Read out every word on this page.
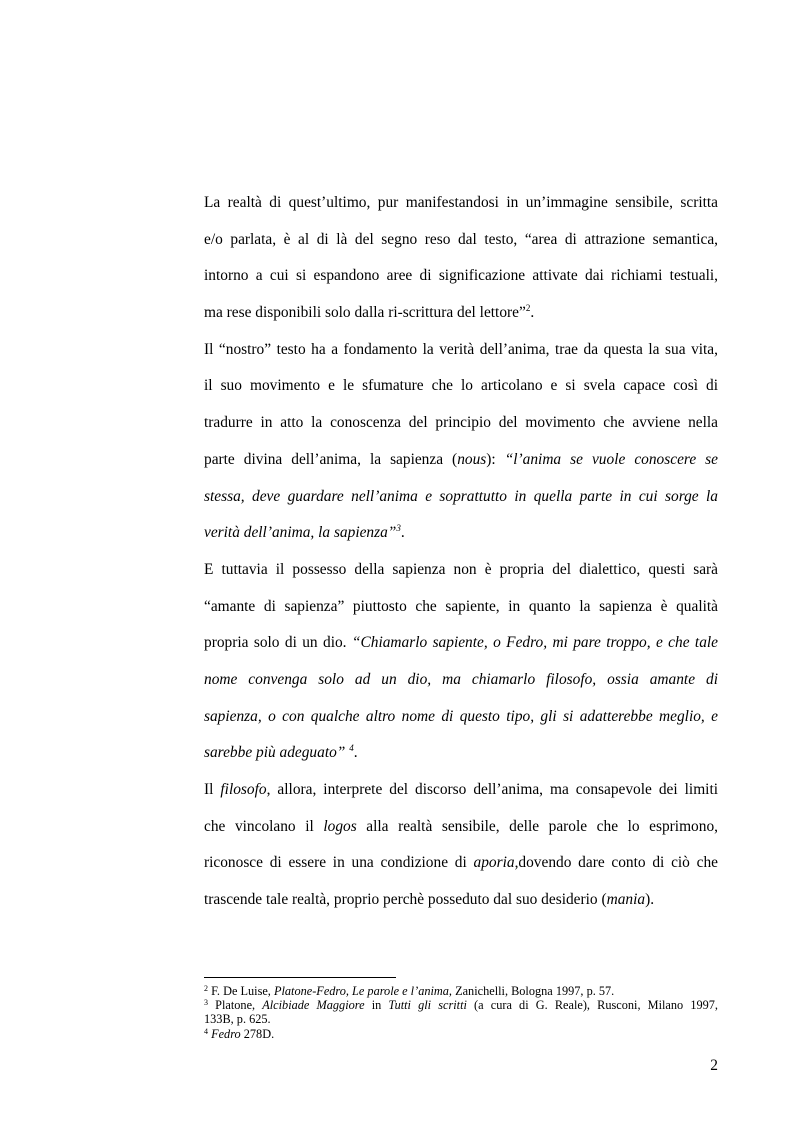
La realtà di quest’ultimo, pur manifestandosi in un’immagine sensibile, scritta
e/o parlata, è al di là del segno reso dal testo, “area di attrazione semantica,
intorno a cui si espandono aree di significazione attivate dai richiami testuali,
ma rese disponibili solo dalla ri-scrittura del lettore”$^2$.
Il “nostro” testo ha a fondamento la verità dell’anima, trae da questa la sua vita,
il suo movimento e le sfumature che lo articolano e si svela capace così di
tradurre in atto la conoscenza del principio del movimento che avviene nella
parte divina dell’anima, la sapienza (nous): “l’anima se vuole conoscere se
stessa, deve guardare nell’anima e soprattutto in quella parte in cui sorge la
verità dell’anima, la sapienza”$^3$.
E tuttavia il possesso della sapienza non è propria del dialettico, questi sarà
“amante di sapienza” piuttosto che sapiente, in quanto la sapienza è qualità
propria solo di un dio. “Chiamarlo sapiente, o Fedro, mi pare troppo, e che tale
nome convenga solo ad un dio, ma chiamarlo filosofo, ossia amante di
sapienza, o con qualche altro nome di questo tipo, gli si adatterebbe meglio, e
sarebbe più adeguato” $^4$.
Il filosofo, allora, interprete del discorso dell’anima, ma consapevole dei limiti
che vincolano il logos alla realtà sensibile, delle parole che lo esprimono,
riconosce di essere in una condizione di aporia,dovendo dare conto di ciò che
trascende tale realtà, proprio perchè posseduto dal suo desiderio (mania).
$^2$ F. De Luise, Platone-Fedro, Le parole e l’anima, Zanichelli, Bologna 1997, p. 57.
$^3$ Platone, Alcibiade Maggiore in Tutti gli scritti (a cura di G. Reale), Rusconi, Milano 1997,
133B, p. 625.
$^4$ Fedro 278D.
2
